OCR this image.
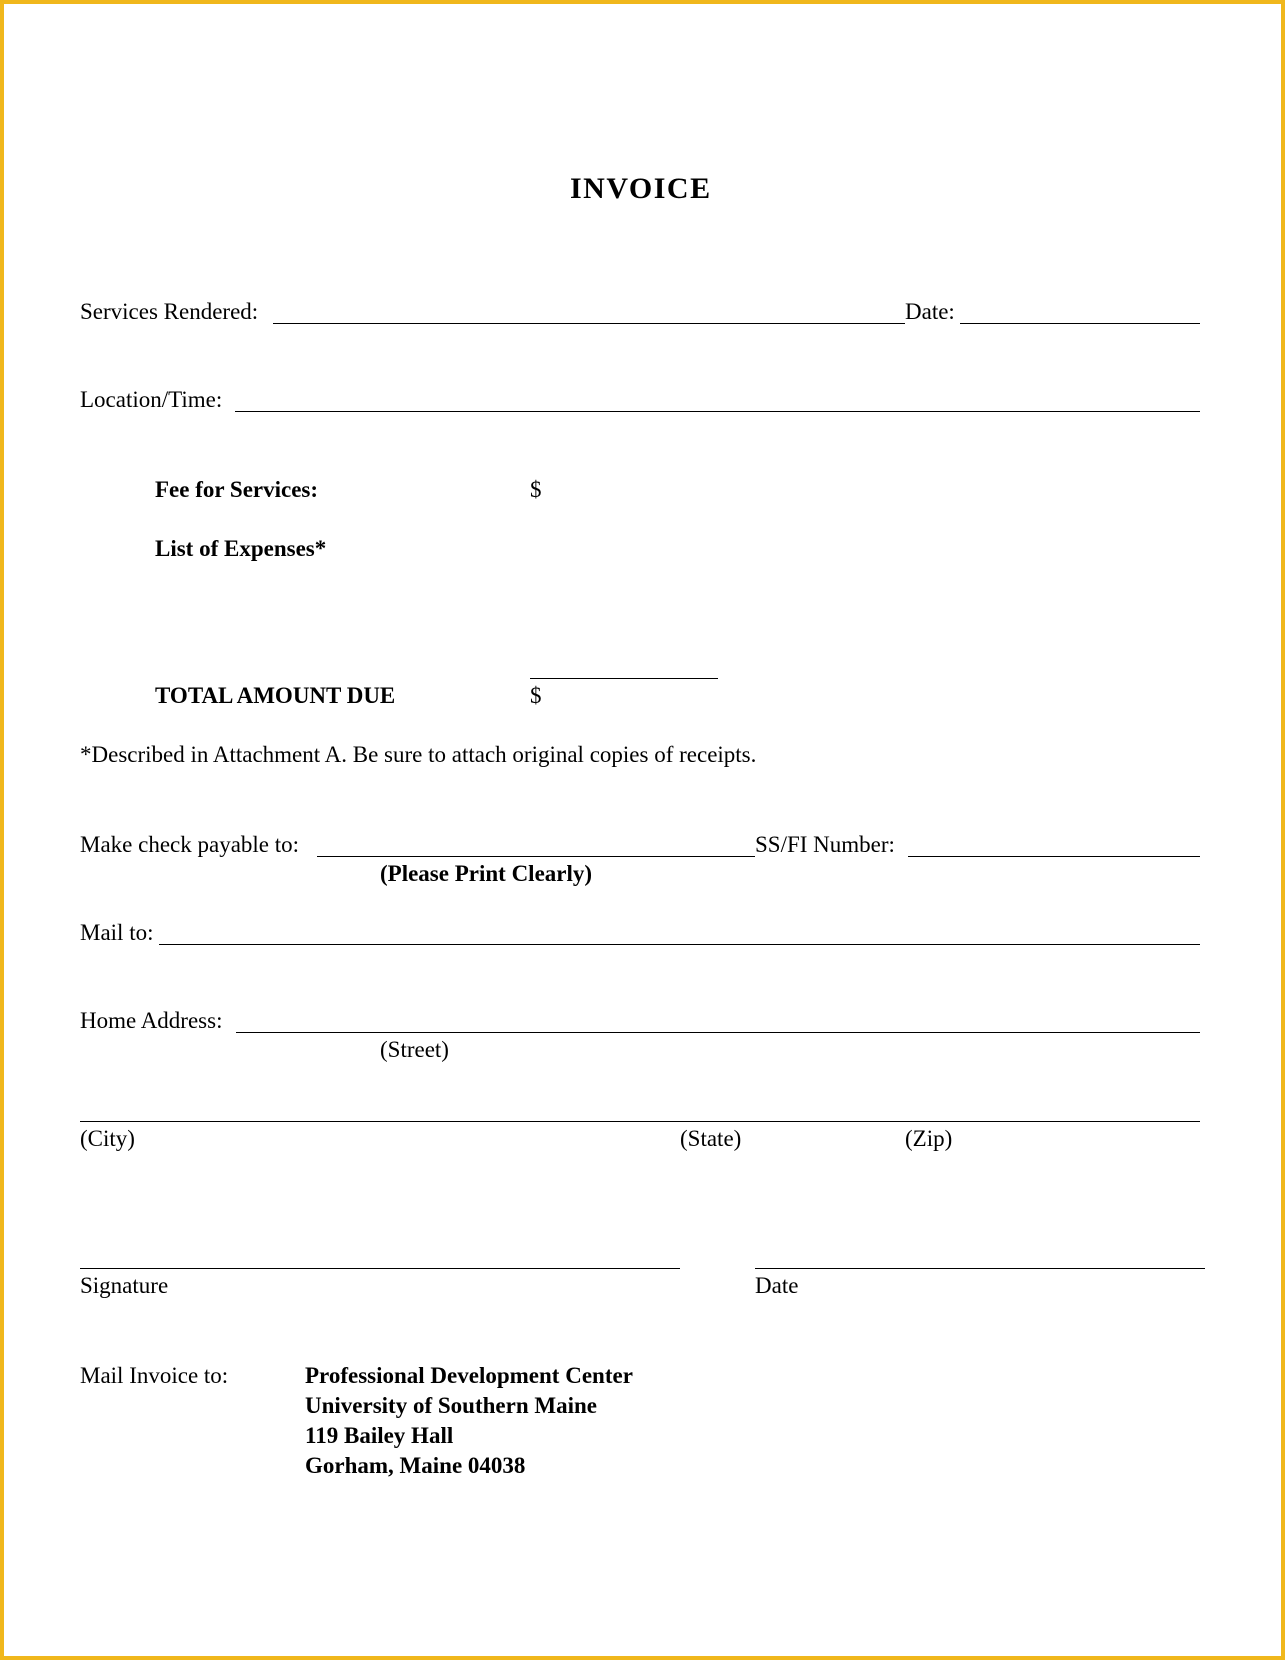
INVOICE
Services Rendered:	Date:
Location/Time:
Fee for Services:	$
List of Expenses*
TOTAL AMOUNT DUE	$
*Described in Attachment A. Be sure to attach original copies of receipts.
Make check payable to:	SS/FI Number:
(Please Print Clearly)
Mail to:
Home Address:
(Street)
(City)	(State)	(Zip)
Signature	Date
Mail Invoice to:	Professional Development Center
University of Southern Maine
119 Bailey Hall
Gorham, Maine 04038
